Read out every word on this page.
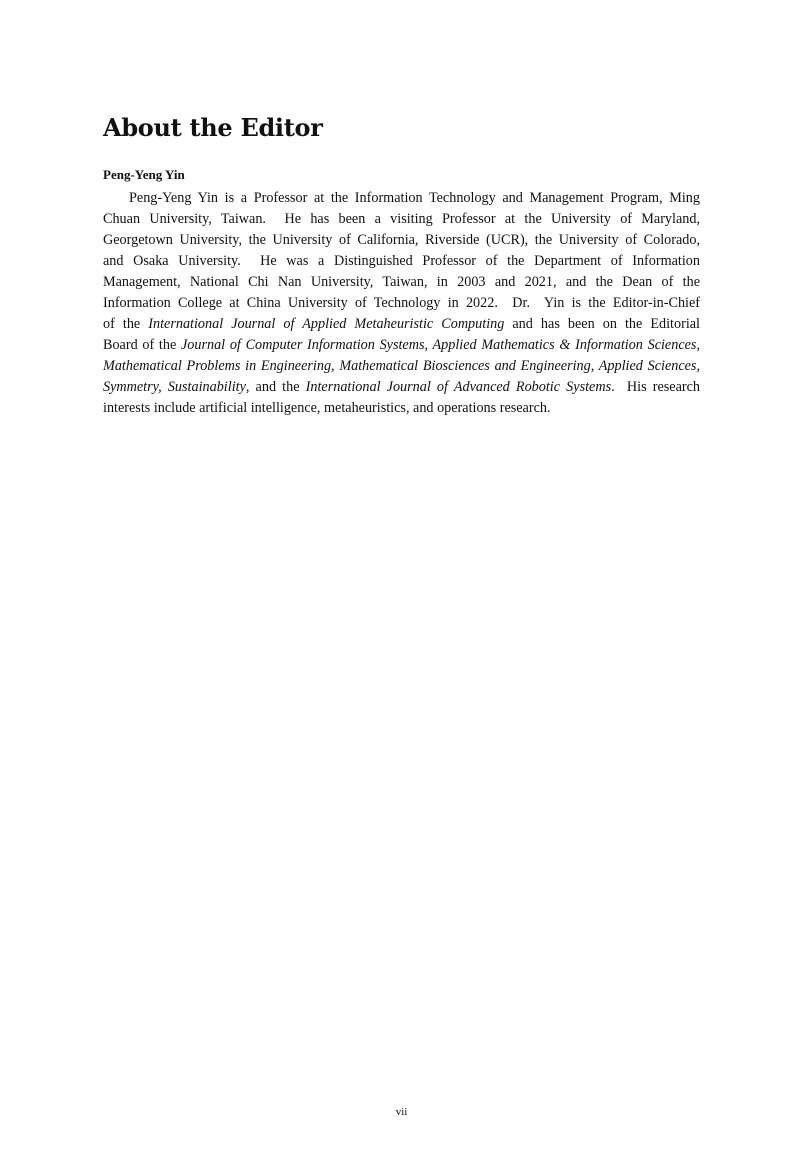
About the Editor
Peng-Yeng Yin
Peng-Yeng Yin is a Professor at the Information Technology and Management Program, Ming
Chuan University, Taiwan.  He has been a visiting Professor at the University of Maryland,
Georgetown University, the University of California, Riverside (UCR), the University of Colorado,
and Osaka University.  He was a Distinguished Professor of the Department of Information
Management, National Chi Nan University, Taiwan, in 2003 and 2021, and the Dean of the
Information College at China University of Technology in 2022.  Dr.  Yin is the Editor-in-Chief
of the International Journal of Applied Metaheuristic Computing and has been on the Editorial
Board of the Journal of Computer Information Systems, Applied Mathematics & Information Sciences,
Mathematical Problems in Engineering, Mathematical Biosciences and Engineering, Applied Sciences,
Symmetry, Sustainability, and the International Journal of Advanced Robotic Systems.  His research
interests include artificial intelligence, metaheuristics, and operations research.
vii
